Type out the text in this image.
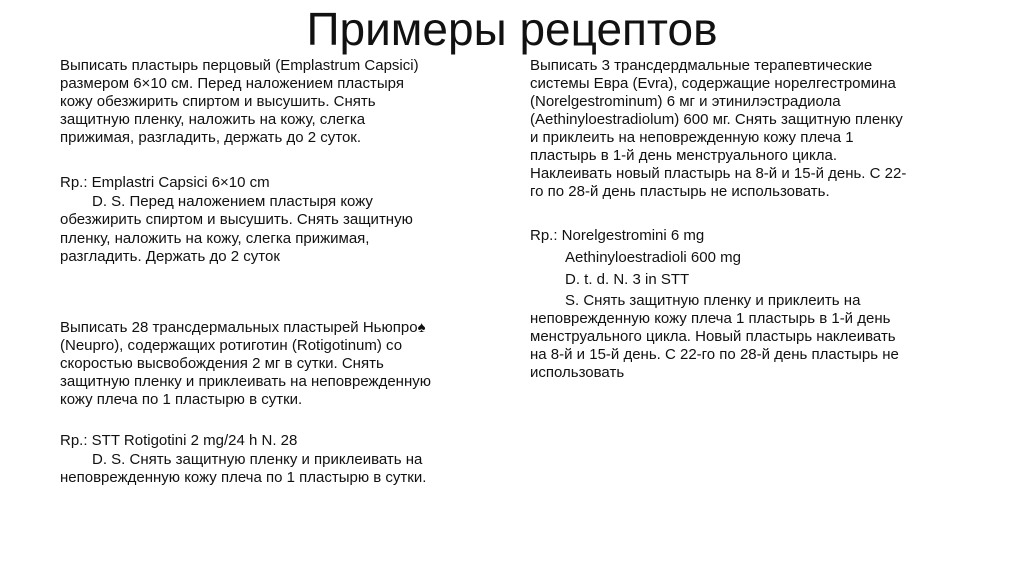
Примеры рецептов
Выписать пластырь перцовый (Emplastrum Capsici)
размером 6×10 см. Перед наложением пластыря
кожу обезжирить спиртом и высушить. Снять
защитную пленку, наложить на кожу, слегка
прижимая, разгладить, держать до 2 суток.
Rp.: Emplastri Capsici 6×10 cm
D. S. Перед наложением пластыря кожу
обезжирить спиртом и высушить. Снять защитную
пленку, наложить на кожу, слегка прижимая,
разгладить. Держать до 2 суток
Выписать 28 трансдермальных пластырей Ньюпро♠
(Neupro), содержащих ротиготин (Rotigotinum) со
скоростью высвобождения 2 мг в сутки. Снять
защитную пленку и приклеивать на неповрежденную
кожу плеча по 1 пластырю в сутки.
Rp.: STT Rotigotini 2 mg/24 h N. 28
D. S. Снять защитную пленку и приклеивать на
неповрежденную кожу плеча по 1 пластырю в сутки.
Выписать 3 трансдердмальные терапевтические
системы Евра (Evra), содержащие норелгестромина
(Norelgestrominum) 6 мг и этинилэстрадиола
(Aethinyloestradiolum) 600 мг. Снять защитную пленку
и приклеить на неповрежденную кожу плеча 1
пластырь в 1-й день менструального цикла.
Наклеивать новый пластырь на 8-й и 15-й день. С 22-
го по 28-й день пластырь не использовать.
Rp.: Norelgestromini 6 mg
Aethinyloestradioli 600 mg
D. t. d. N. 3 in STT
S. Снять защитную пленку и приклеить на
неповрежденную кожу плеча 1 пластырь в 1-й день
менструального цикла. Новый пластырь наклеивать
на 8-й и 15-й день. С 22-го по 28-й день пластырь не
использовать
